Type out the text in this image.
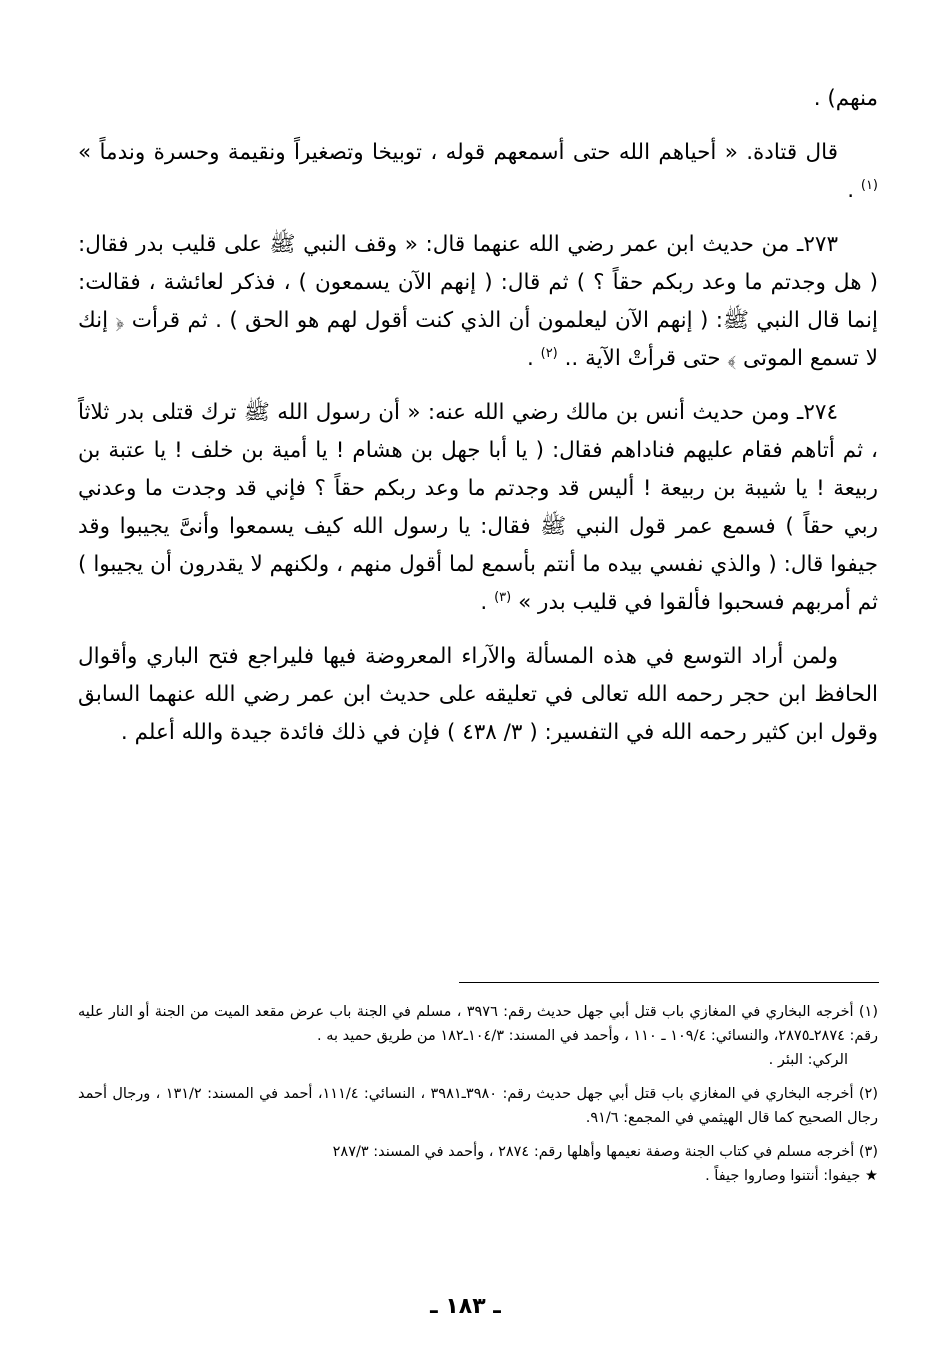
منهم) .

قال قتادة. « أحياهم الله حتى أسمعهم قوله ، توبيخا وتصغيراً ونقيمة وحسرة وندماً » $^{(١)}$ .

٢٧٣ـ من حديث ابن عمر رضي الله عنهما قال: « وقف النبي ﷺ على قليب بدر فقال: ( هل وجدتم ما وعد ربكم حقاً ؟ ) ثم قال: ( إنهم الآن يسمعون ) ، فذكر لعائشة ، فقالت: إنما قال النبي ﷺ: ( إنهم الآن ليعلمون أن الذي كنت أقول لهم هو الحق ) . ثم قرأت ﴿ إنك لا تسمع الموتى ﴾ حتى قرأتْ الآية .. $^{(٢)}$ .

٢٧٤ـ ومن حديث أنس بن مالك رضي الله عنه: « أن رسول الله ﷺ ترك قتلى بدر ثلاثاً ، ثم أتاهم فقام عليهم فناداهم فقال: ( يا أبا جهل بن هشام ! يا أمية بن خلف ! يا عتبة بن ربيعة ! يا شيبة بن ربيعة ! أليس قد وجدتم ما وعد ربكم حقاً ؟ فإني قد وجدت ما وعدني ربي حقاً ) فسمع عمر قول النبي ﷺ فقال: يا رسول الله كيف يسمعوا وأنىَّ يجيبوا وقد جيفوا قال: ( والذي نفسي بيده ما أنتم بأسمع لما أقول منهم ، ولكنهم لا يقدرون أن يجيبوا ) ثم أمربهم فسحبوا فألقوا في قليب بدر » $^{(٣)}$ .

ولمن أراد التوسع في هذه المسألة والآراء المعروضة فيها فليراجع فتح الباري وأقوال الحافظ ابن حجر رحمه الله تعالى في تعليقه على حديث ابن عمر رضي الله عنهما السابق وقول ابن كثير رحمه الله في التفسير: ( ٣/ ٤٣٨ ) فإن في ذلك فائدة جيدة والله أعلم .

(١) أخرجه البخاري في المغازي باب قتل أبي جهل حديث رقم: ٣٩٧٦ ، مسلم في الجنة باب عرض مقعد الميت من الجنة أو النار عليه رقم: ٢٨٧٤ـ٢٨٧٥، والنسائي: ١٠٩/٤ ـ ١١٠ ، وأحمد في المسند: ١٠٤/٣ـ١٨٢ من طريق حميد به .
الركي: البئر .
(٢) أخرجه البخاري في المغازي باب قتل أبي جهل حديث رقم: ٣٩٨٠ـ٣٩٨١ ، النسائي: ١١١/٤، أحمد في المسند: ١٣١/٢ ، ورجال أحمد رجال الصحيح كما قال الهيثمي في المجمع: ٩١/٦.
(٣) أخرجه مسلم في كتاب الجنة وصفة نعيمها وأهلها رقم: ٢٨٧٤ ، وأحمد في المسند: ٢٨٧/٣

★ جيفوا: أنتنوا وصاروا جيفاً .

ـ ١٨٣ ـ
